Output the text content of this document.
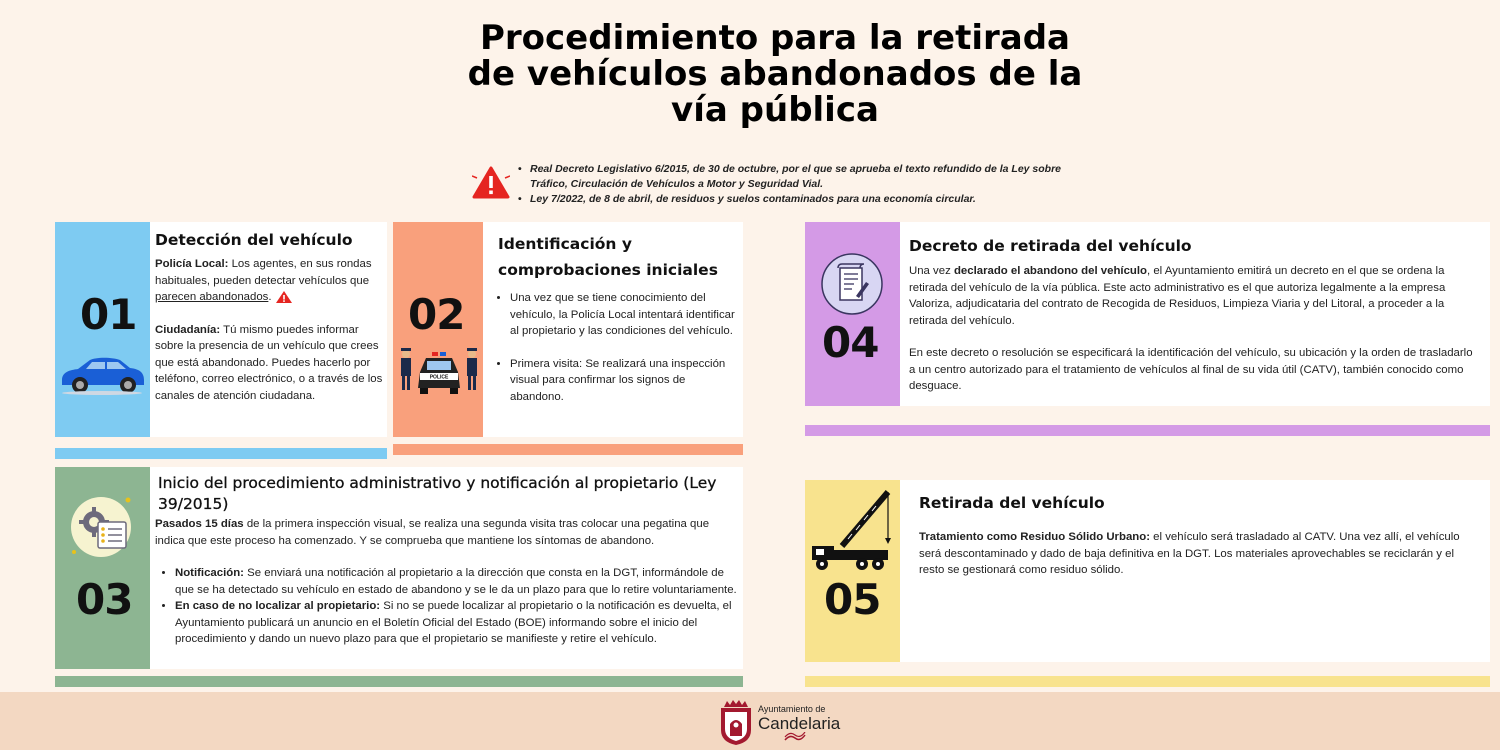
Procedimiento para la retirada
de vehículos abandonados de la
vía pública
• Real Decreto Legislativo 6/2015, de 30 de octubre, por el que se aprueba el texto refundido de la Ley sobre Tráfico, Circulación de Vehículos a Motor y Seguridad Vial.
• Ley 7/2022, de 8 de abril, de residuos y suelos contaminados para una economía circular.
01
Detección del vehículo

Policía Local: Los agentes, en sus rondas habituales, pueden detectar vehículos que parecen abandonados.

Ciudadanía: Tú mismo puedes informar sobre la presencia de un vehículo que crees que está abandonado. Puedes hacerlo por teléfono, correo electrónico, o a través de los canales de atención ciudadana.

02
POLICE
Identificación y
comprobaciones iniciales
• Una vez que se tiene conocimiento del vehículo, la Policía Local intentará identificar al propietario y las condiciones del vehículo.
• Primera visita: Se realizará una inspección visual para confirmar los signos de abandono.
03
Inicio del procedimiento administrativo y notificación al propietario (Ley 39/2015)

Pasados 15 días de la primera inspección visual, se realiza una segunda visita tras colocar una pegatina que indica que este proceso ha comenzado. Y se comprueba que mantiene los síntomas de abandono.

• Notificación: Se enviará una notificación al propietario a la dirección que consta en la DGT, informándole de que se ha detectado su vehículo en estado de abandono y se le da un plazo para que lo retire voluntariamente.
• En caso de no localizar al propietario: Si no se puede localizar al propietario o la notificación es devuelta, el Ayuntamiento publicará un anuncio en el Boletín Oficial del Estado (BOE) informando sobre el inicio del procedimiento y dando un nuevo plazo para que el propietario se manifieste y retire el vehículo.
04
Decreto de retirada del vehículo

Una vez declarado el abandono del vehículo, el Ayuntamiento emitirá un decreto en el que se ordena la retirada del vehículo de la vía pública. Este acto administrativo es el que autoriza legalmente a la empresa Valoriza, adjudicataria del contrato de Recogida de Residuos, Limpieza Viaria y del Litoral, a proceder a la retirada del vehículo.

En este decreto o resolución se especificará la identificación del vehículo, su ubicación y la orden de trasladarlo a un centro autorizado para el tratamiento de vehículos al final de su vida útil (CATV), también conocido como desguace.

05
Retirada del vehículo

Tratamiento como Residuo Sólido Urbano: el vehículo será trasladado al CATV. Una vez allí, el vehículo será descontaminado y dado de baja definitiva en la DGT. Los materiales aprovechables se reciclarán y el resto se gestionará como residuo sólido.

Ayuntamiento de
Candelaria
